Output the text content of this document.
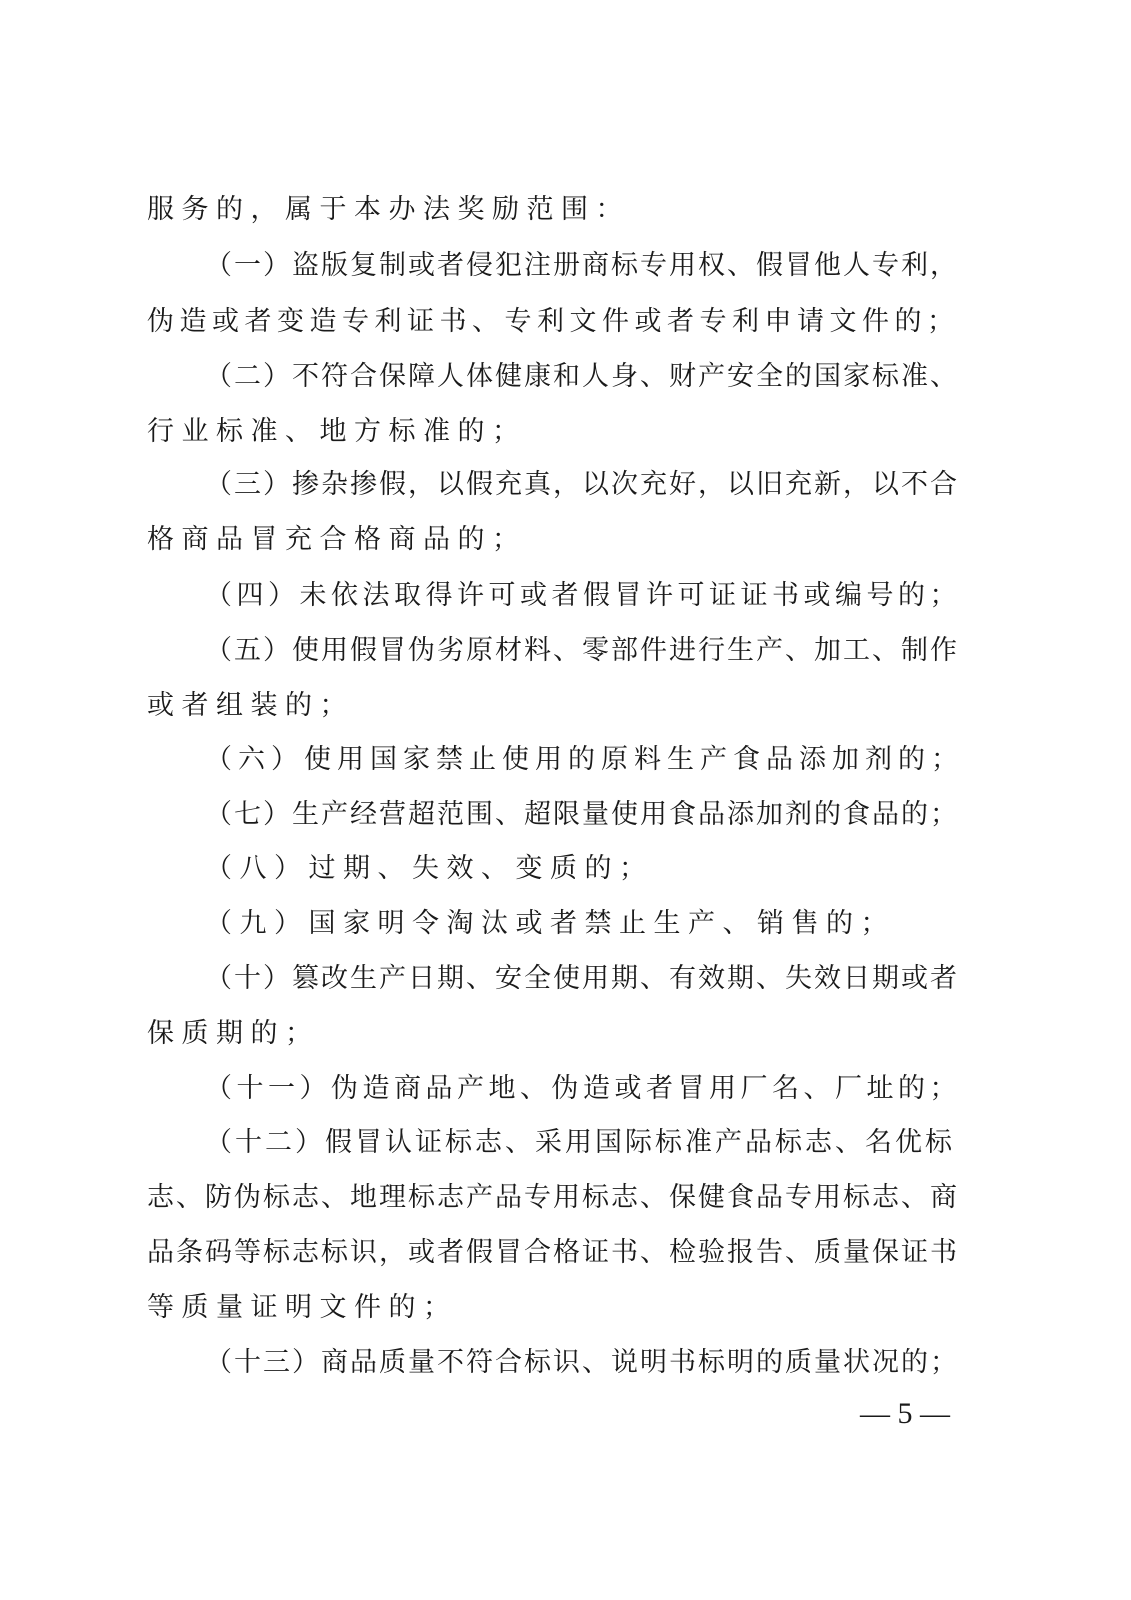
服务的，属于本办法奖励范围：
（一）盗版复制或者侵犯注册商标专用权、假冒他人专利，
伪造或者变造专利证书、专利文件或者专利申请文件的；
（二）不符合保障人体健康和人身、财产安全的国家标准、
行业标准、地方标准的；
（三）掺杂掺假，以假充真，以次充好，以旧充新，以不合
格商品冒充合格商品的；
（四）未依法取得许可或者假冒许可证证书或编号的；
（五）使用假冒伪劣原材料、零部件进行生产、加工、制作
或者组装的；
（六）使用国家禁止使用的原料生产食品添加剂的；
（七）生产经营超范围、超限量使用食品添加剂的食品的；
（八）过期、失效、变质的；
（九）国家明令淘汰或者禁止生产、销售的；
（十）篡改生产日期、安全使用期、有效期、失效日期或者
保质期的；
（十一）伪造商品产地、伪造或者冒用厂名、厂址的；
（十二）假冒认证标志、采用国际标准产品标志、名优标
志、防伪标志、地理标志产品专用标志、保健食品专用标志、商
品条码等标志标识，或者假冒合格证书、检验报告、质量保证书
等质量证明文件的；
（十三）商品质量不符合标识、说明书标明的质量状况的；
— 5 —
